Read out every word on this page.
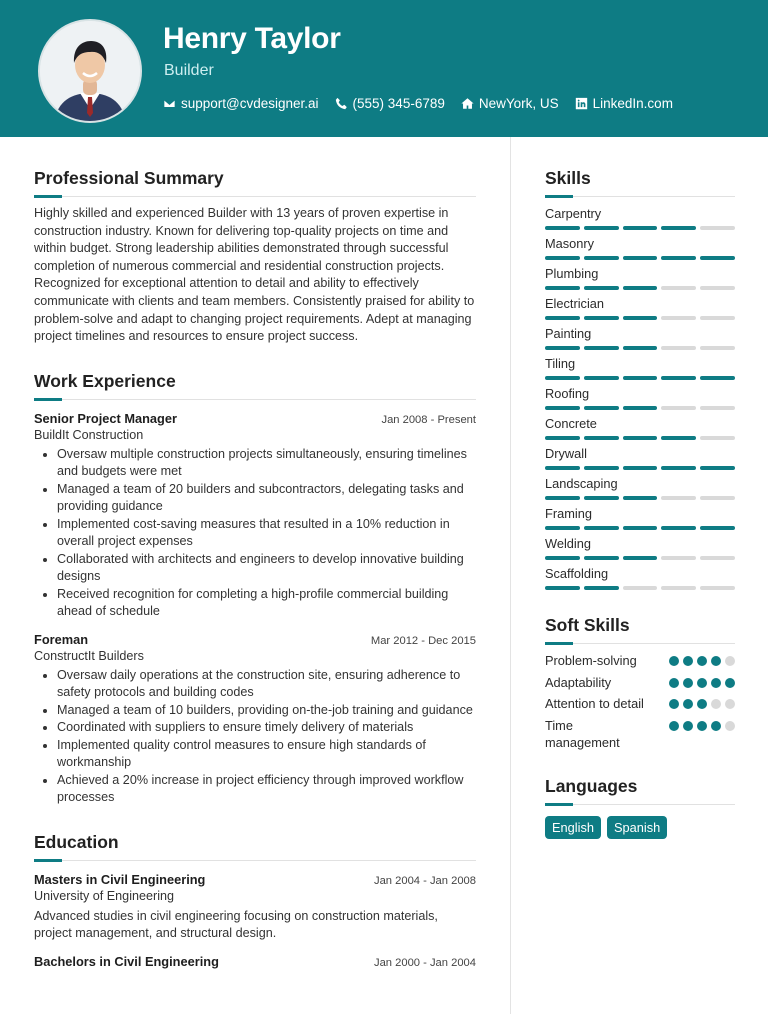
Henry Taylor
Builder
support@cvdesigner.ai	(555) 345-6789	NewYork, US	LinkedIn.com
Professional Summary

Highly skilled and experienced Builder with 13 years of proven expertise in construction industry. Known for delivering top-quality projects on time and within budget. Strong leadership abilities demonstrated through successful completion of numerous commercial and residential construction projects. Recognized for exceptional attention to detail and ability to effectively communicate with clients and team members. Consistently praised for ability to problem-solve and adapt to changing project requirements. Adept at managing project timelines and resources to ensure project success.

Work Experience
Senior Project Manager	Jan 2008 - Present
BuildIt Construction
• Oversaw multiple construction projects simultaneously, ensuring timelines and budgets were met
• Managed a team of 20 builders and subcontractors, delegating tasks and providing guidance
• Implemented cost-saving measures that resulted in a 10% reduction in overall project expenses
• Collaborated with architects and engineers to develop innovative building designs
• Received recognition for completing a high-profile commercial building ahead of schedule
Foreman	Mar 2012 - Dec 2015
ConstructIt Builders
• Oversaw daily operations at the construction site, ensuring adherence to safety protocols and building codes
• Managed a team of 10 builders, providing on-the-job training and guidance
• Coordinated with suppliers to ensure timely delivery of materials
• Implemented quality control measures to ensure high standards of workmanship
• Achieved a 20% increase in project efficiency through improved workflow processes
Education
Masters in Civil Engineering	Jan 2004 - Jan 2008
University of Engineering

Advanced studies in civil engineering focusing on construction materials, project management, and structural design.

Bachelors in Civil Engineering	Jan 2000 - Jan 2004
Skills
Carpentry
Masonry
Plumbing
Electrician
Painting
Tiling
Roofing
Concrete
Drywall
Landscaping
Framing
Welding
Scaffolding
Soft Skills
Problem-solving
Adaptability
Attention to detail
Time management
Languages
English	Spanish
